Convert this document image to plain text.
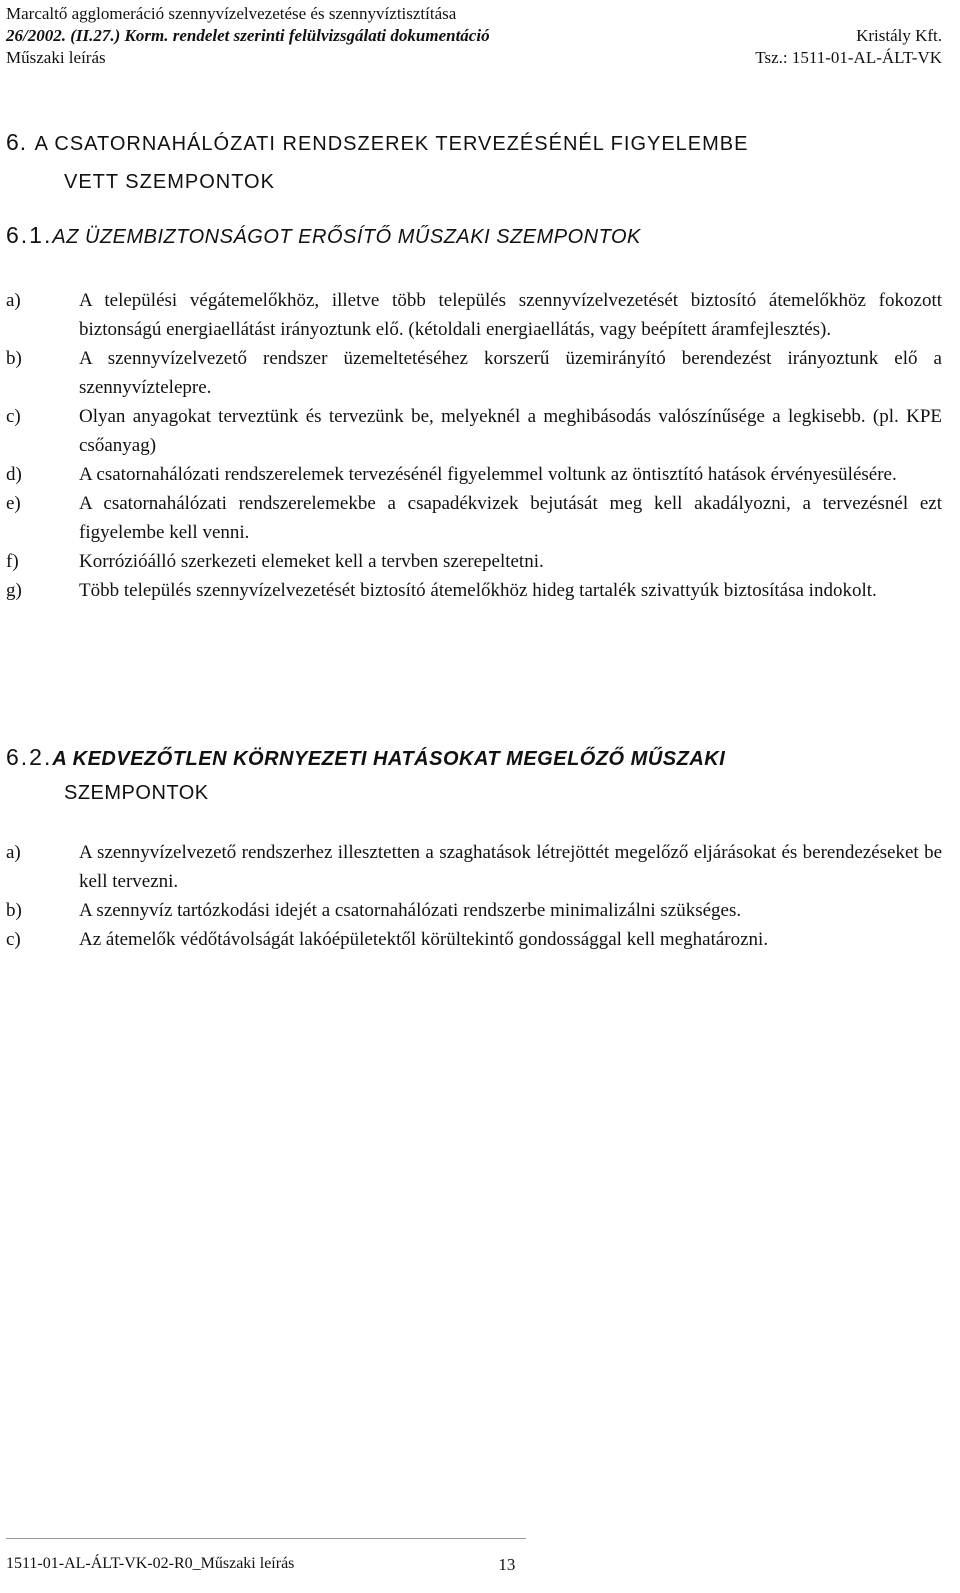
Marcaltő agglomeráció szennyvízelvezetése és szennyvíztisztítása
26/2002. (II.27.) Korm. rendelet szerinti felülvizsgálati dokumentáció	Kristály Kft.
Műszaki leírás	Tsz.: 1511-01-AL-ÁLT-VK
6. A CSATORNAHÁLÓZATI RENDSZEREK TERVEZÉSÉNÉL FIGYELEMBE
VETT SZEMPONTOK
6.1.AZ ÜZEMBIZTONSÁGOT ERŐSÍTŐ MŰSZAKI SZEMPONTOK
a)	A települési végátemelőkhöz, illetve több település szennyvízelvezetését biztosító átemelőkhöz fokozott biztonságú energiaellátást irányoztunk elő. (kétoldali energiaellátás, vagy beépített áramfejlesztés).
b)	A szennyvízelvezető rendszer üzemeltetéséhez korszerű üzemirányító berendezést irányoztunk elő a szennyvíztelepre.
c)	Olyan anyagokat terveztünk és tervezünk be, melyeknél a meghibásodás valószínűsége a legkisebb. (pl. KPE csőanyag)
d)	A csatornahálózati rendszerelemek tervezésénél figyelemmel voltunk az öntisztító hatások érvényesülésére.
e)	A csatornahálózati rendszerelemekbe a csapadékvizek bejutását meg kell akadályozni, a tervezésnél ezt figyelembe kell venni.
f)	Korrózióálló szerkezeti elemeket kell a tervben szerepeltetni.
g)	Több település szennyvízelvezetését biztosító átemelőkhöz hideg tartalék szivattyúk biztosítása indokolt.
6.2.A KEDVEZŐTLEN KÖRNYEZETI HATÁSOKAT MEGELŐZŐ MŰSZAKI
SZEMPONTOK
a)	A szennyvízelvezető rendszerhez illesztetten a szaghatások létrejöttét megelőző eljárásokat és berendezéseket be kell tervezni.
b)	A szennyvíz tartózkodási idejét a csatornahálózati rendszerbe minimalizálni szükséges.
c)	Az átemelők védőtávolságát lakóépületektől körültekintő gondossággal kell meghatározni.
1511-01-AL-ÁLT-VK-02-R0_Műszaki leírás	13
